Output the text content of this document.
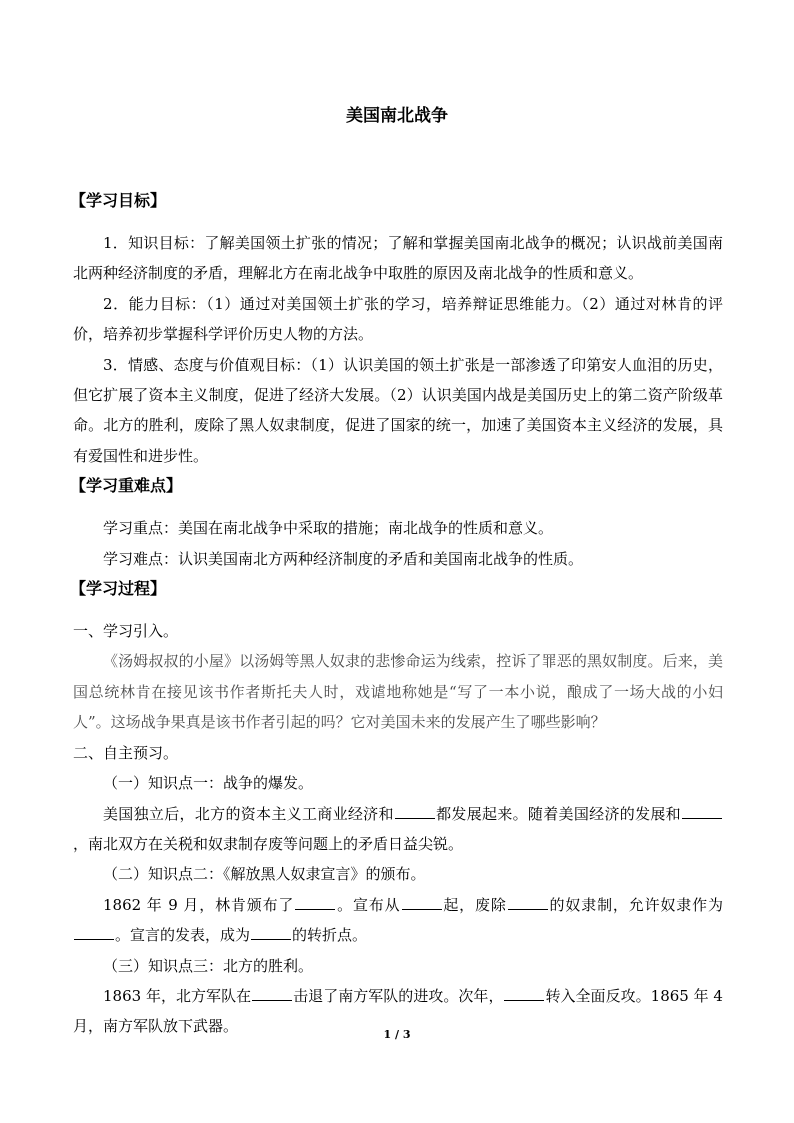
美国南北战争
【学习目标】

1．知识目标：了解美国领土扩张的情况；了解和掌握美国南北战争的概况；认识战前美国南北两种经济制度的矛盾，理解北方在南北战争中取胜的原因及南北战争的性质和意义。

2．能力目标：（1）通过对美国领土扩张的学习，培养辩证思维能力。（2）通过对林肯的评价，培养初步掌握科学评价历史人物的方法。

3．情感、态度与价值观目标：（1）认识美国的领土扩张是一部渗透了印第安人血泪的历史，但它扩展了资本主义制度，促进了经济大发展。（2）认识美国内战是美国历史上的第二资产阶级革命。北方的胜利，废除了黑人奴隶制度，促进了国家的统一，加速了美国资本主义经济的发展，具有爱国性和进步性。

【学习重难点】

学习重点：美国在南北战争中采取的措施；南北战争的性质和意义。

学习难点：认识美国南北方两种经济制度的矛盾和美国南北战争的性质。

【学习过程】

一、学习引入。

《汤姆叔叔的小屋》以汤姆等黑人奴隶的悲惨命运为线索，控诉了罪恶的黑奴制度。后来，美国总统林肯在接见该书作者斯托夫人时，戏谑地称她是“写了一本小说，酿成了一场大战的小妇人”。这场战争果真是该书作者引起的吗？它对美国未来的发展产生了哪些影响？

二、自主预习。

（一）知识点一：战争的爆发。

美国独立后，北方的资本主义工商业经济和	都发展起来。随着美国经济的发展和，南北双方在关税和奴隶制存废等问题上的矛盾日益尖锐。

（二）知识点二：《解放黑人奴隶宣言》的颁布。

1862 年 9 月，林肯颁布了	。宣布从	起，废除	的奴隶制，允许奴隶作为。宣言的发表，成为	的转折点。

（三）知识点三：北方的胜利。

1863 年，北方军队在	击退了南方军队的进攻。次年，	转入全面反攻。1865 年 4 月，南方军队放下武器。	1 / 3
